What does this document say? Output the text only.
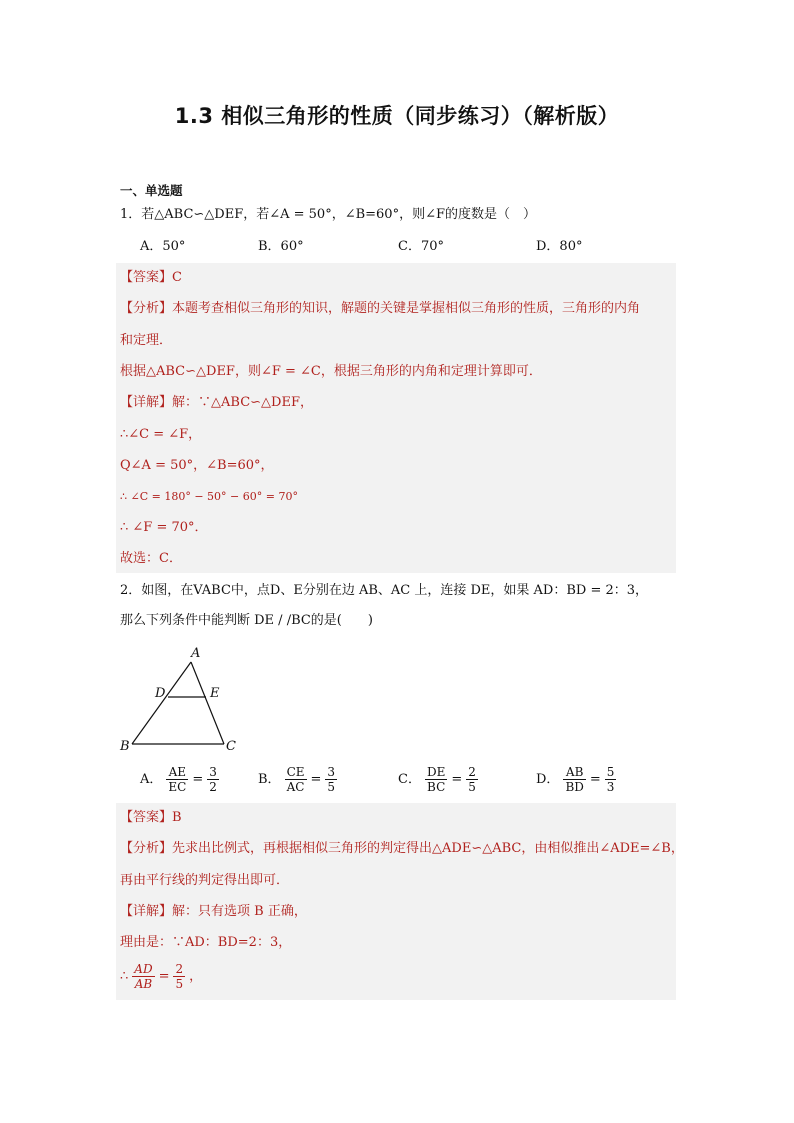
1.3 相似三角形的性质（同步练习）（解析版）
一、单选题
1．若△ABC∽△DEF，若∠A = 50°，∠B=60°，则∠F的度数是（　）
A．50°	B．60°	C．70°	D．80°
【答案】C
【分析】本题考查相似三角形的知识，解题的关键是掌握相似三角形的性质，三角形的内角
和定理．
根据△ABC∽△DEF，则∠F = ∠C，根据三角形的内角和定理计算即可．
【详解】解：∵△ABC∽△DEF，
∴∠C = ∠F，
Q∠A = 50°，∠B=60°，
∴ ∠C = 180° − 50° − 60° = 70°
∴ ∠F = 70°．
故选：C．
2．如图，在VABC中，点D、E分别在边 AB、AC 上，连接 DE，如果 AD：BD = 2：3，
那么下列条件中能判断 DE / /BC的是(　　)
A
D	E
B	C
A． $\frac{AE}{EC} = \frac{3}{2}$	B． $\frac{CE}{AC} = \frac{3}{5}$	C． $\frac{DE}{BC} = \frac{2}{5}$	D． $\frac{AB}{BD} = \frac{5}{3}$
【答案】B
【分析】先求出比例式，再根据相似三角形的判定得出△ADE∽△ABC，由相似推出∠ADE=∠B，
再由平行线的判定得出即可．
【详解】解：只有选项 B 正确，
理由是：∵AD：BD=2：3，
∴ $\frac{AD}{AB} = \frac{2}{5}$ ，
